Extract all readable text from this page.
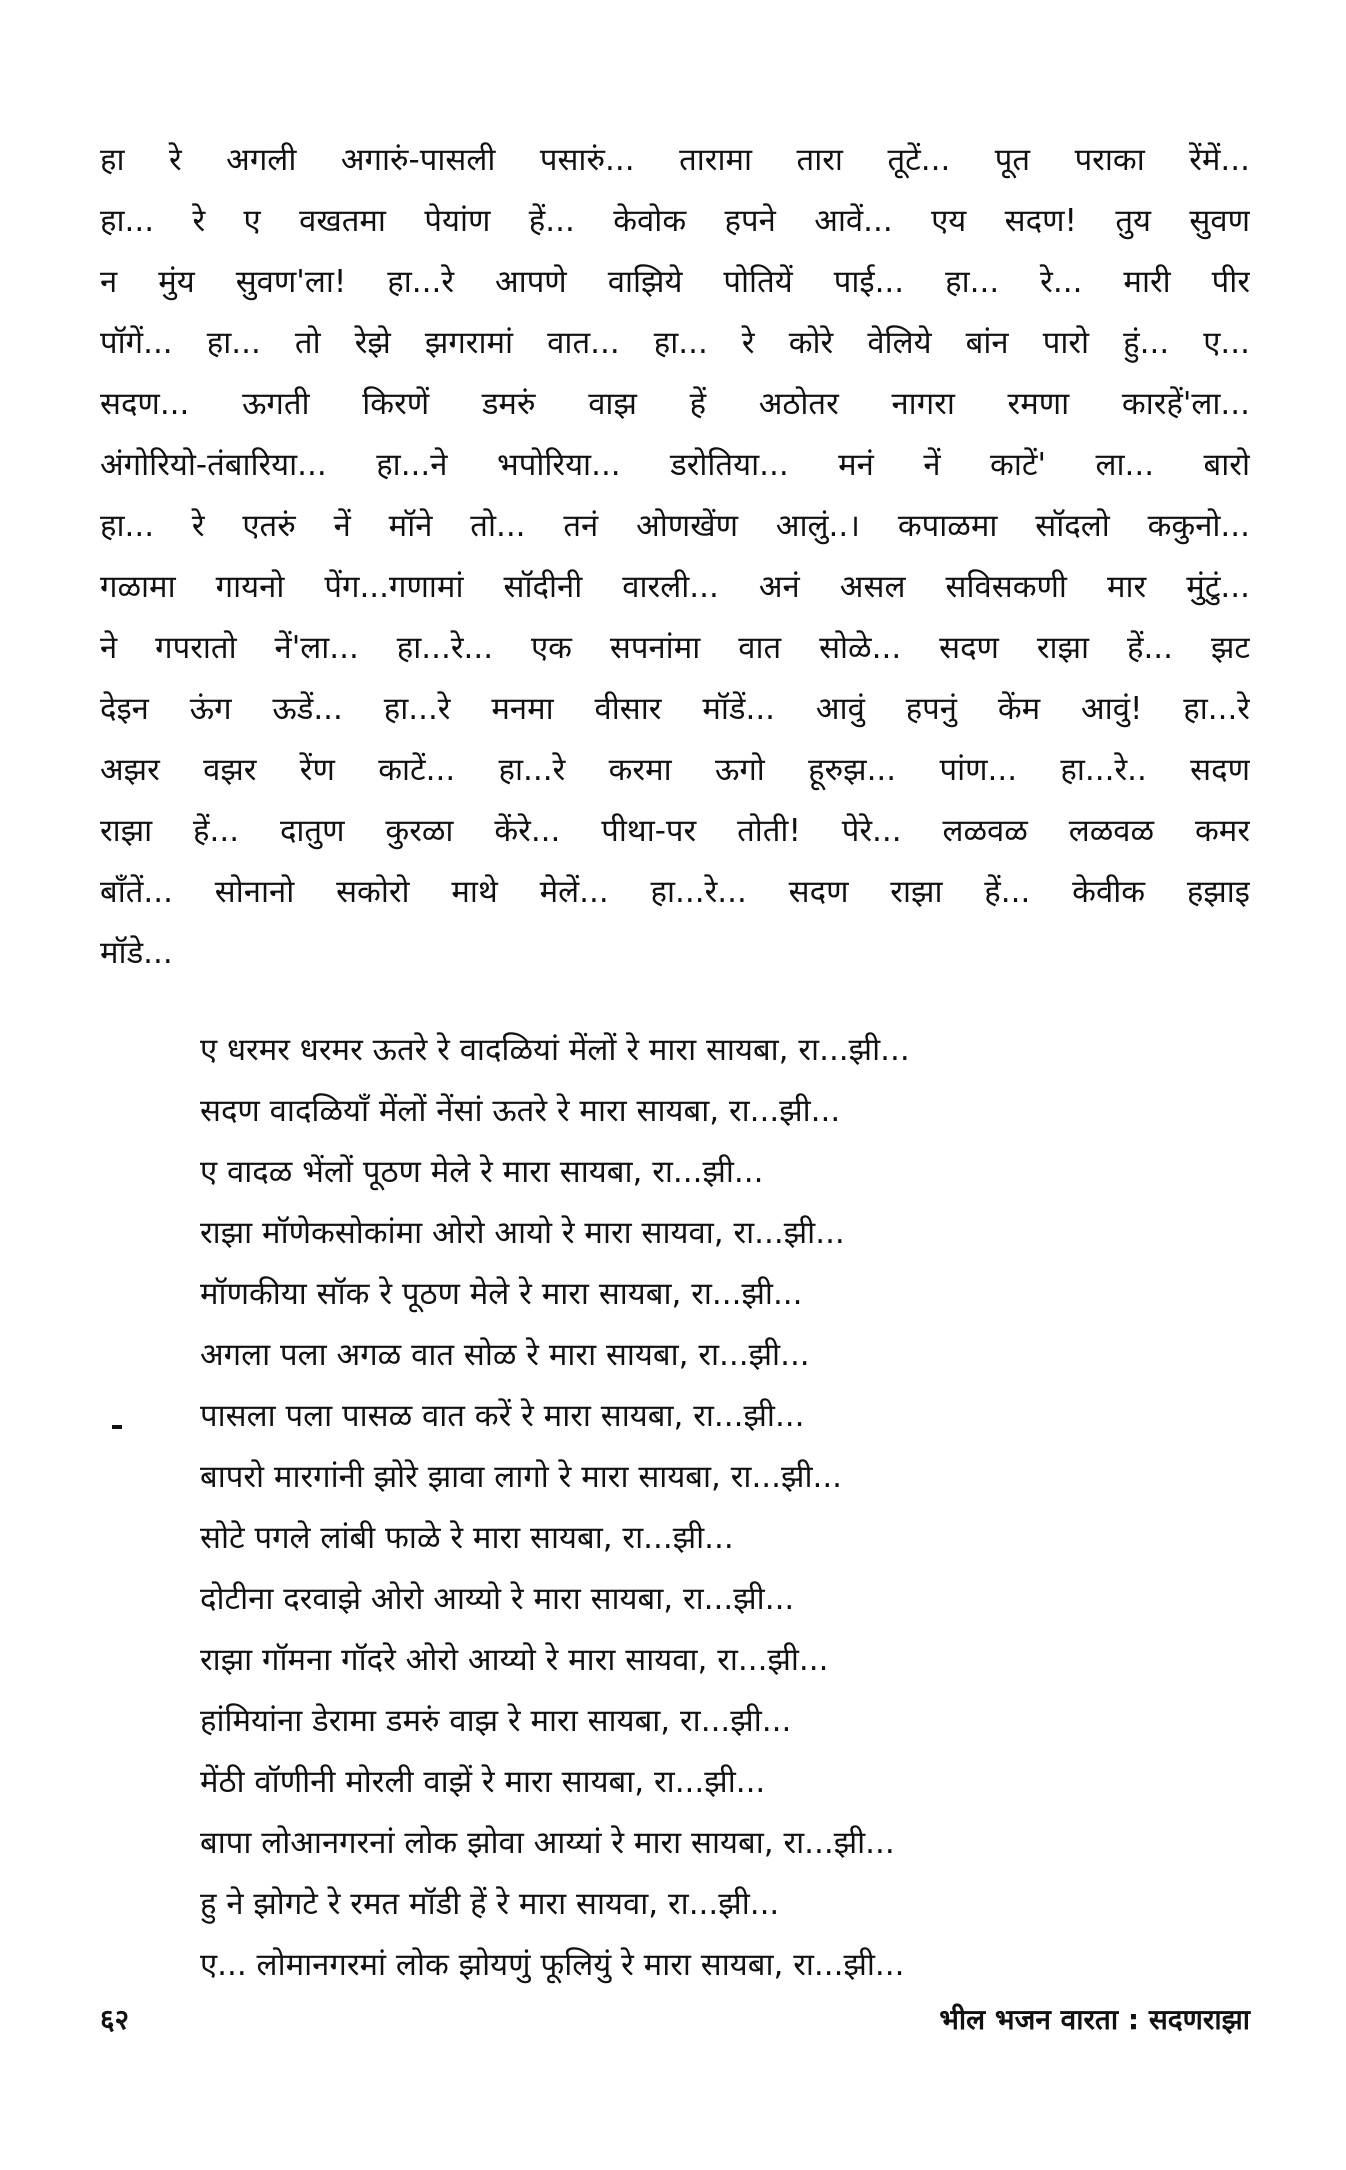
हा रे अगली अगारुं-पासली पसारुं... तारामा तारा तूटें... पूत पराका रेंमें...
हा... रे ए वखतमा पेयांण हें... केवोक हपने आवें... एय सदण! तुय सुवण
न मुंय सुवण'ला! हा...रे आपणे वाझिये पोतियें पाई... हा... रे... मारी पीर
पॉगें... हा... तो रेझे झगरामां वात... हा... रे कोरे वेलिये बांन पारो हुं... ए...
सदण... ऊगती किरणें डमरुं वाझ हें अठोतर नागरा रमणा कारहें'ला...
अंगोरियो-तंबारिया... हा...ने भपोरिया... डरोतिया... मनं नें काटें' ला... बारो
हा... रे एतरुं नें मॉने तो... तनं ओणखेंण आलुं..। कपाळमा सॉदलो ककुनो...
गळामा गायनो पेंग...गणामां सॉदीनी वारली... अनं असल सविसकणी मार मुंटुं...
ने गपरातो नें'ला... हा...रे... एक सपनांमा वात सोळे... सदण राझा हें... झट
देइन ऊंग ऊडें... हा...रे मनमा वीसार मॉडें... आवुं हपनुं केंम आवुं! हा...रे
अझर वझर रेंण काटें... हा...रे करमा ऊगो हूरुझ... पांण... हा...रे.. सदण
राझा हें... दातुण कुरळा केंरे... पीथा-पर तोती! पेरे... लळवळ लळवळ कमर
बाँतें... सोनानो सकोरो माथे मेलें... हा...रे... सदण राझा हें... केवीक हझाइ
मॉडे...
ए धरमर धरमर ऊतरे रे वादळियां मेंलों रे मारा सायबा, रा...झी...
सदण वादळियाँ मेंलों नेंसां ऊतरे रे मारा सायबा, रा...झी...
ए वादळ भेंलों पूठण मेले रे मारा सायबा, रा...झी...
राझा मॉणेकसोकांमा ओरो आयो रे मारा सायवा, रा...झी...
मॉणकीया सॉक रे पूठण मेले रे मारा सायबा, रा...झी...
अगला पला अगळ वात सोळ रे मारा सायबा, रा...झी...
पासला पला पासळ वात करें रे मारा सायबा, रा...झी...
बापरो मारगांनी झोरे झावा लागो रे मारा सायबा, रा...झी...
सोटे पगले लांबी फाळे रे मारा सायबा, रा...झी...
दोटीना दरवाझे ओरो आय्यो रे मारा सायबा, रा...झी...
राझा गॉमना गॉदरे ओरो आय्यो रे मारा सायवा, रा...झी...
हांमियांना डेरामा डमरुं वाझ रे मारा सायबा, रा...झी...
मेंठी वॉणीनी मोरली वाझें रे मारा सायबा, रा...झी...
बापा लोआनगरनां लोक झोवा आय्यां रे मारा सायबा, रा...झी...
हु ने झोगटे रे रमत मॉडी हें रे मारा सायवा, रा...झी...
ए... लोमानगरमां लोक झोयणुं फूलियुं रे मारा सायबा, रा...झी...
६२	भील भजन वारता : सदणराझा
